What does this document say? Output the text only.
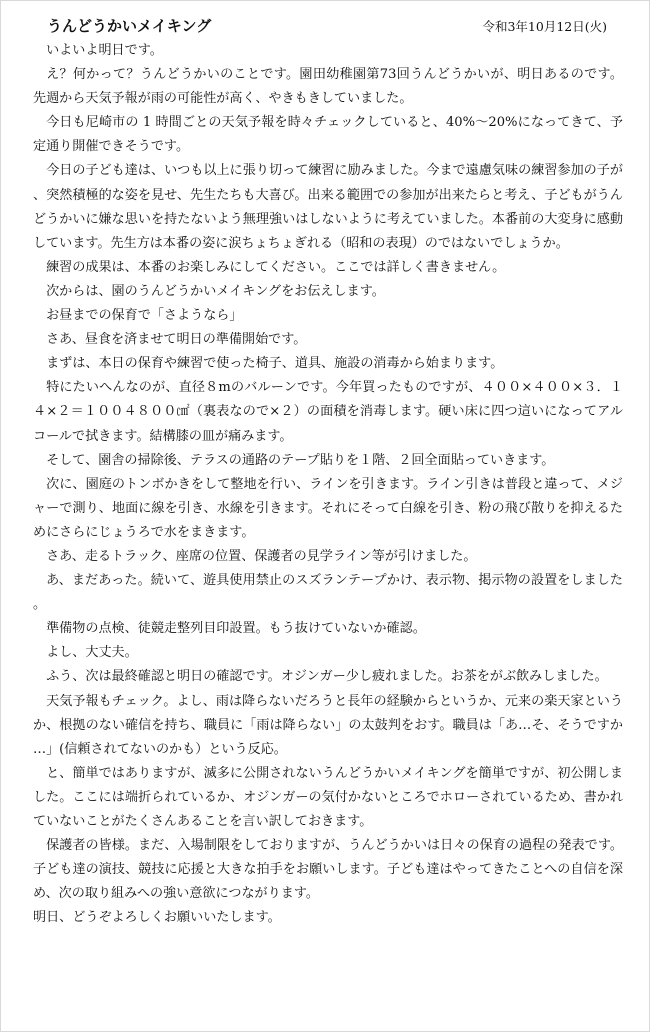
うんどうかいメイキング	令和3年10月12日(火)

いよいよ明日です。

え？何かって？うんどうかいのことです。園田幼稚園第73回うんどうかいが、明日あるのです。先週から天気予報が雨の可能性が高く、やきもきしていました。

今日も尼崎市の 1 時間ごとの天気予報を時々チェックしていると、40%〜20%になってきて、予定通り開催できそうです。

今日の子ども達は、いつも以上に張り切って練習に励みました。今まで遠慮気味の練習参加の子が、突然積極的な姿を見せ、先生たちも大喜び。出来る範囲での参加が出来たらと考え、子どもがうんどうかいに嫌な思いを持たないよう無理強いはしないように考えていました。本番前の大変身に感動しています。先生方は本番の姿に涙ちょちょぎれる（昭和の表現）のではないでしょうか。

練習の成果は、本番のお楽しみにしてください。ここでは詳しく書きません。

次からは、園のうんどうかいメイキングをお伝えします。

お昼までの保育で「さようなら」

さあ、昼食を済ませて明日の準備開始です。

まずは、本日の保育や練習で使った椅子、道具、施設の消毒から始まります。

特にたいへんなのが、直径８mのバルーンです。今年買ったものですが、４００×４００×３．１４×２＝１００４８００㎠（裏表なので×２）の面積を消毒します。硬い床に四つ這いになってアルコールで拭きます。結構膝の皿が痛みます。

そして、園舎の掃除後、テラスの通路のテープ貼りを１階、２回全面貼っていきます。

次に、園庭のトンボかきをして整地を行い、ラインを引きます。ライン引きは普段と違って、メジャーで測り、地面に線を引き、水線を引きます。それにそって白線を引き、粉の飛び散りを抑えるためにさらにじょうろで水をまきます。

さあ、走るトラック、座席の位置、保護者の見学ライン等が引けました。

あ、まだあった。続いて、遊具使用禁止のスズランテープかけ、表示物、掲示物の設置をしました。

準備物の点検、徒競走整列目印設置。もう抜けていないか確認。

よし、大丈夫。

ふう、次は最終確認と明日の確認です。オジンガー少し疲れました。お茶をがぶ飲みしました。

天気予報もチェック。よし、雨は降らないだろうと長年の経験からというか、元来の楽天家というか、根拠のない確信を持ち、職員に「雨は降らない」の太鼓判をおす。職員は「あ…そ、そうですか…」(信頼されてないのかも）という反応。

と、簡単ではありますが、滅多に公開されないうんどうかいメイキングを簡単ですが、初公開しました。ここには端折られているか、オジンガーの気付かないところでホローされているため、書かれていないことがたくさんあることを言い訳しておきます。

保護者の皆様。まだ、入場制限をしておりますが、うんどうかいは日々の保育の過程の発表です。子ども達の演技、競技に応援と大きな拍手をお願いします。子ども達はやってきたことへの自信を深め、次の取り組みへの強い意欲につながります。

明日、どうぞよろしくお願いいたします。
